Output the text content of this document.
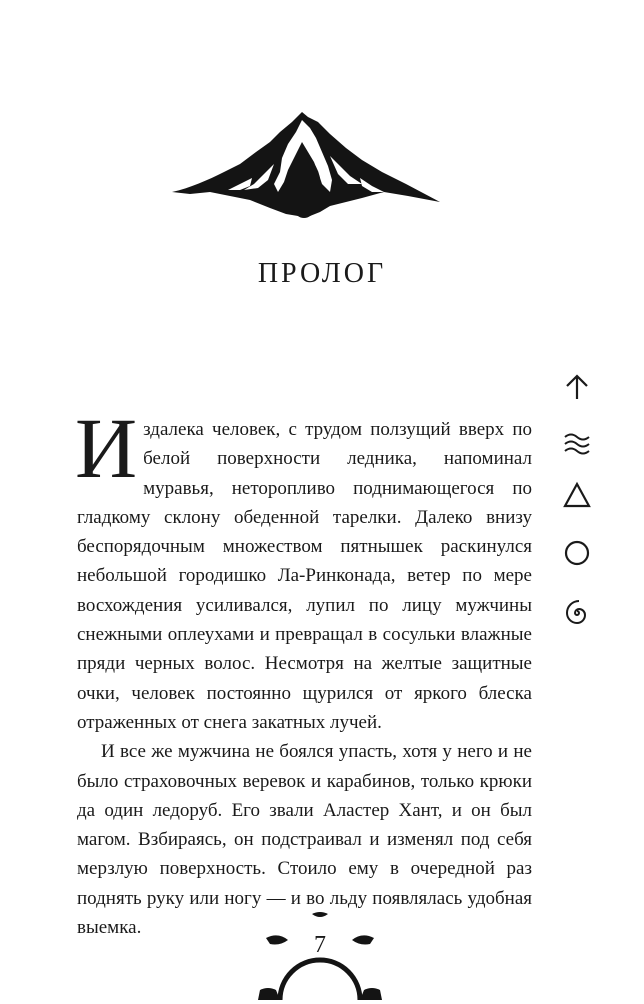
ПРОЛОГ

Издалека человек, с трудом ползущий вверх по белой поверхности ледника, напоминал муравья, неторопливо поднимающегося по гладкому склону обеденной тарелки. Далеко внизу беспорядочным множеством пятнышек раскинулся небольшой городишко Ла-Ринконада, ветер по мере восхождения усиливался, лупил по лицу мужчины снежными оплеухами и превращал в сосульки влажные пряди черных волос. Несмотря на желтые защитные очки, человек постоянно щурился от яркого блеска отраженных от снега закатных лучей.

И все же мужчина не боялся упасть, хотя у него и не было страховочных веревок и карабинов, только крюки да один ледоруб. Его звали Аластер Хант, и он был магом. Взбираясь, он подстраивал и изменял под себя мерзлую поверхность. Стоило ему в очередной раз поднять руку или ногу — и во льду появлялась удобная выемка.

7
